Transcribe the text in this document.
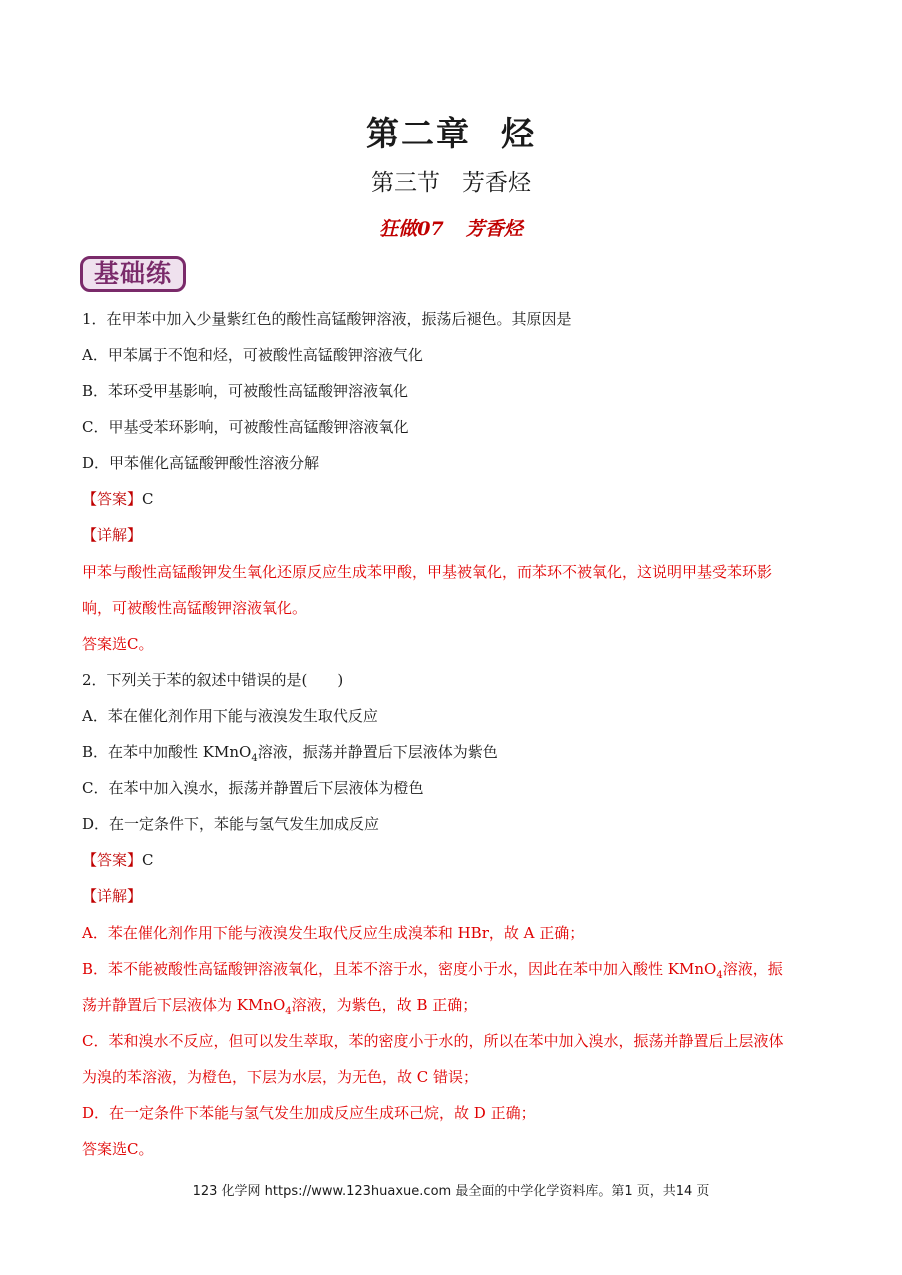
第二章 烃
第三节 芳香烃
狂做07 芳香烃
基础练
1．在甲苯中加入少量紫红色的酸性高锰酸钾溶液，振荡后褪色。其原因是
A．甲苯属于不饱和烃，可被酸性高锰酸钾溶液气化
B．苯环受甲基影响，可被酸性高锰酸钾溶液氧化
C．甲基受苯环影响，可被酸性高锰酸钾溶液氧化
D．甲苯催化高锰酸钾酸性溶液分解
【答案】C
【详解】
甲苯与酸性高锰酸钾发生氧化还原反应生成苯甲酸，甲基被氧化，而苯环不被氧化，这说明甲基受苯环影
响，可被酸性高锰酸钾溶液氧化。
答案选C。
2．下列关于苯的叙述中错误的是(　　)
A．苯在催化剂作用下能与液溴发生取代反应
B．在苯中加酸性 KMnO$_4$溶液，振荡并静置后下层液体为紫色
C．在苯中加入溴水，振荡并静置后下层液体为橙色
D．在一定条件下，苯能与氢气发生加成反应
【答案】C
【详解】
A．苯在催化剂作用下能与液溴发生取代反应生成溴苯和 HBr，故 A 正确；
B．苯不能被酸性高锰酸钾溶液氧化，且苯不溶于水，密度小于水，因此在苯中加入酸性 KMnO$_4$溶液，振
荡并静置后下层液体为 KMnO$_4$溶液，为紫色，故 B 正确；
C．苯和溴水不反应，但可以发生萃取，苯的密度小于水的，所以在苯中加入溴水，振荡并静置后上层液体
为溴的苯溶液，为橙色，下层为水层，为无色，故 C 错误；
D．在一定条件下苯能与氢气发生加成反应生成环己烷，故 D 正确；
答案选C。
123 化学网 https://www.123huaxue.com 最全面的中学化学资料库。第1 页，共14 页
